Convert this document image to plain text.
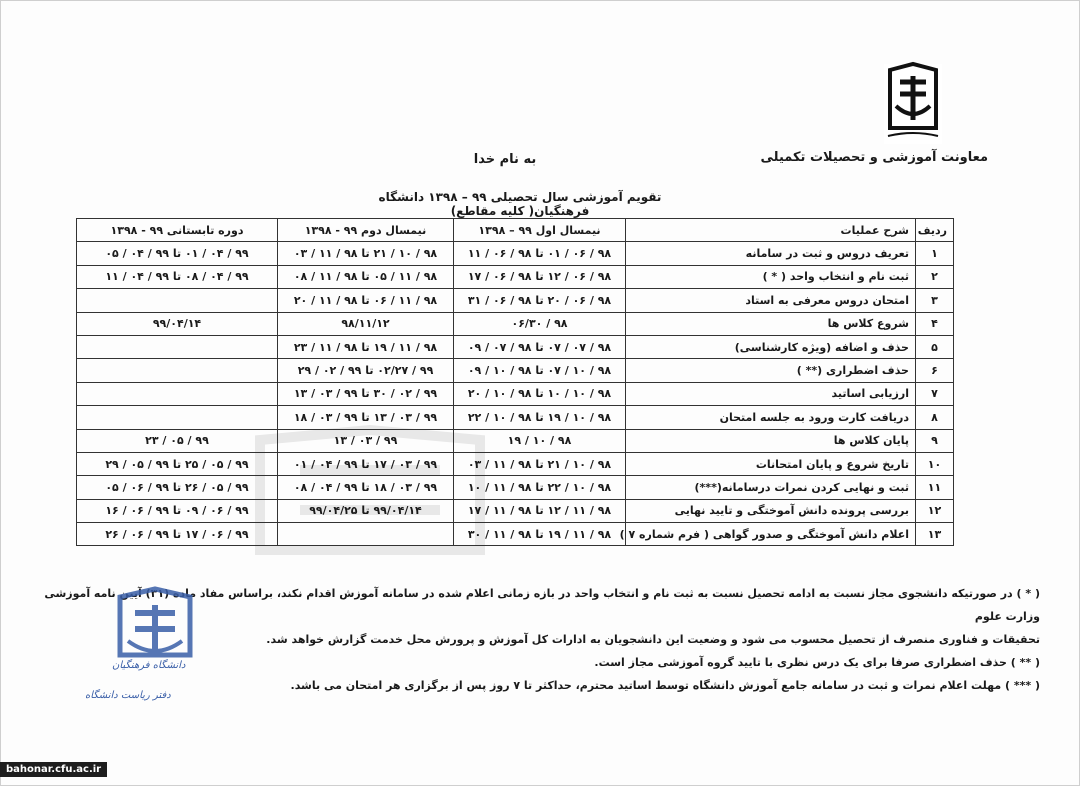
معاونت آموزشی و تحصیلات تکمیلی
به نام خدا
تقویم آموزشی سال تحصیلی ۹۹ – ۱۳۹۸ دانشگاه فرهنگیان( کلیه مقاطع)
ردیف	شرح عملیات	نیمسال اول ۹۹ – ۱۳۹۸	نیمسال دوم ۹۹ - ۱۳۹۸	دوره تابستانی ۹۹ - ۱۳۹۸
۱	تعریف دروس و ثبت در سامانه	۹۸ / ۰۶ / ۰۱ تا ۹۸ / ۰۶ / ۱۱	۹۸ / ۱۰ / ۲۱ تا ۹۸ / ۱۱ / ۰۳	۹۹ / ۰۴ / ۰۱ تا ۹۹ / ۰۴ / ۰۵
۲	ثبت نام و انتخاب واحد ( * )	۹۸ / ۰۶ / ۱۲ تا ۹۸ / ۰۶ / ۱۷	۹۸ / ۱۱ / ۰۵ تا ۹۸ / ۱۱ / ۰۸	۹۹ / ۰۴ / ۰۸ تا ۹۹ / ۰۴ / ۱۱
۳	امتحان دروس معرفی به استاد	۹۸ / ۰۶ / ۲۰ تا ۹۸ / ۰۶ / ۳۱	۹۸ / ۱۱ / ۰۶ تا ۹۸ / ۱۱ / ۲۰	
۴	شروع کلاس ها	۹۸ / ۰۶/۳۰	۹۸/۱۱/۱۲	۹۹/۰۴/۱۴
۵	حذف و اضافه (ویژه کارشناسی)	۹۸ / ۰۷ / ۰۷ تا ۹۸ / ۰۷ / ۰۹	۹۸ / ۱۱ / ۱۹ تا ۹۸ / ۱۱ / ۲۳	
۶	حذف اضطراری (** )	۹۸ / ۱۰ / ۰۷ تا ۹۸ / ۱۰ / ۰۹	۹۹ / ۰۲/۲۷ تا ۹۹ / ۰۲ / ۲۹	
۷	ارزیابی اساتید	۹۸ / ۱۰ / ۱۰ تا ۹۸ / ۱۰ / ۲۰	۹۹ / ۰۲ / ۳۰ تا ۹۹ / ۰۳ / ۱۳	
۸	دریافت کارت ورود به جلسه امتحان	۹۸ / ۱۰ / ۱۹ تا ۹۸ / ۱۰ / ۲۲	۹۹ / ۰۳ / ۱۳ تا ۹۹ / ۰۳ / ۱۸	
۹	پایان کلاس ها	۹۸ / ۱۰ / ۱۹	۹۹ / ۰۳ / ۱۳	۹۹ / ۰۵ / ۲۳
۱۰	تاریخ شروع و پایان امتحانات	۹۸ / ۱۰ / ۲۱ تا ۹۸ / ۱۱ / ۰۳	۹۹ / ۰۳ / ۱۷ تا ۹۹ / ۰۴ / ۰۱	۹۹ / ۰۵ / ۲۵ تا ۹۹ / ۰۵ / ۲۹
۱۱	ثبت و نهایی کردن نمرات درسامانه(***)	۹۸ / ۱۰ / ۲۲ تا ۹۸ / ۱۱ / ۱۰	۹۹ / ۰۳ / ۱۸ تا ۹۹ / ۰۴ / ۰۸	۹۹ / ۰۵ / ۲۶ تا ۹۹ / ۰۶ / ۰۵
۱۲	بررسی پرونده دانش آموختگی و تایید نهایی	۹۸ / ۱۱ / ۱۲ تا ۹۸ / ۱۱ / ۱۷	۹۹/۰۴/۱۴ تا ۹۹/۰۴/۲۵	۹۹ / ۰۶ / ۰۹ تا ۹۹ / ۰۶ / ۱۶
۱۳	اعلام دانش آموختگی و صدور گواهی ( فرم شماره ۷ )	۹۸ / ۱۱ / ۱۹ تا ۹۸ / ۱۱ / ۳۰		۹۹ / ۰۶ / ۱۷ تا ۹۹ / ۰۶ / ۲۶
( * ) در صورتیکه دانشجوی مجاز نسبت به ادامه تحصیل نسبت به ثبت نام و انتخاب واحد در بازه زمانی اعلام شده در سامانه آموزش اقدام نکند، براساس مفاد ماده (۳۱) آیین نامه آموزشی وزارت علوم
تحقیقات و فناوری منصرف از تحصیل محسوب می شود و وضعیت این دانشجویان به ادارات کل آموزش و پرورش محل خدمت گزارش خواهد شد.
( ** ) حذف اضطراری صرفا برای یک درس نظری با تایید گروه آموزشی مجاز است.
( *** ) مهلت اعلام نمرات و ثبت در سامانه جامع آموزش دانشگاه توسط اساتید محترم، حداکثر تا ۷ روز پس از برگزاری هر امتحان می باشد.
دانشگاه فرهنگیان
دفتر رياست دانشگاه
bahonar.cfu.ac.ir
